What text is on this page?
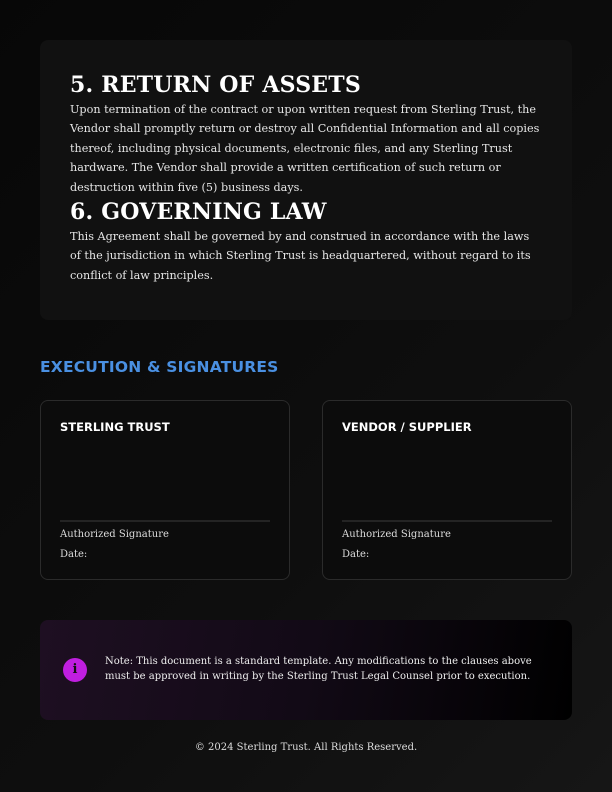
5. RETURN OF ASSETS
Upon termination of the contract or upon written request from Sterling Trust, the
Vendor shall promptly return or destroy all Confidential Information and all copies
thereof, including physical documents, electronic files, and any Sterling Trust
hardware. The Vendor shall provide a written certification of such return or
destruction within five (5) business days.
6. GOVERNING LAW
This Agreement shall be governed by and construed in accordance with the laws
of the jurisdiction in which Sterling Trust is headquartered, without regard to its
conflict of law principles.
EXECUTION & SIGNATURES
STERLING TRUST
Authorized Signature
Date:
VENDOR / SUPPLIER
Authorized Signature
Date:
i
Note: This document is a standard template. Any modifications to the clauses above
must be approved in writing by the Sterling Trust Legal Counsel prior to execution.
© 2024 Sterling Trust. All Rights Reserved.
